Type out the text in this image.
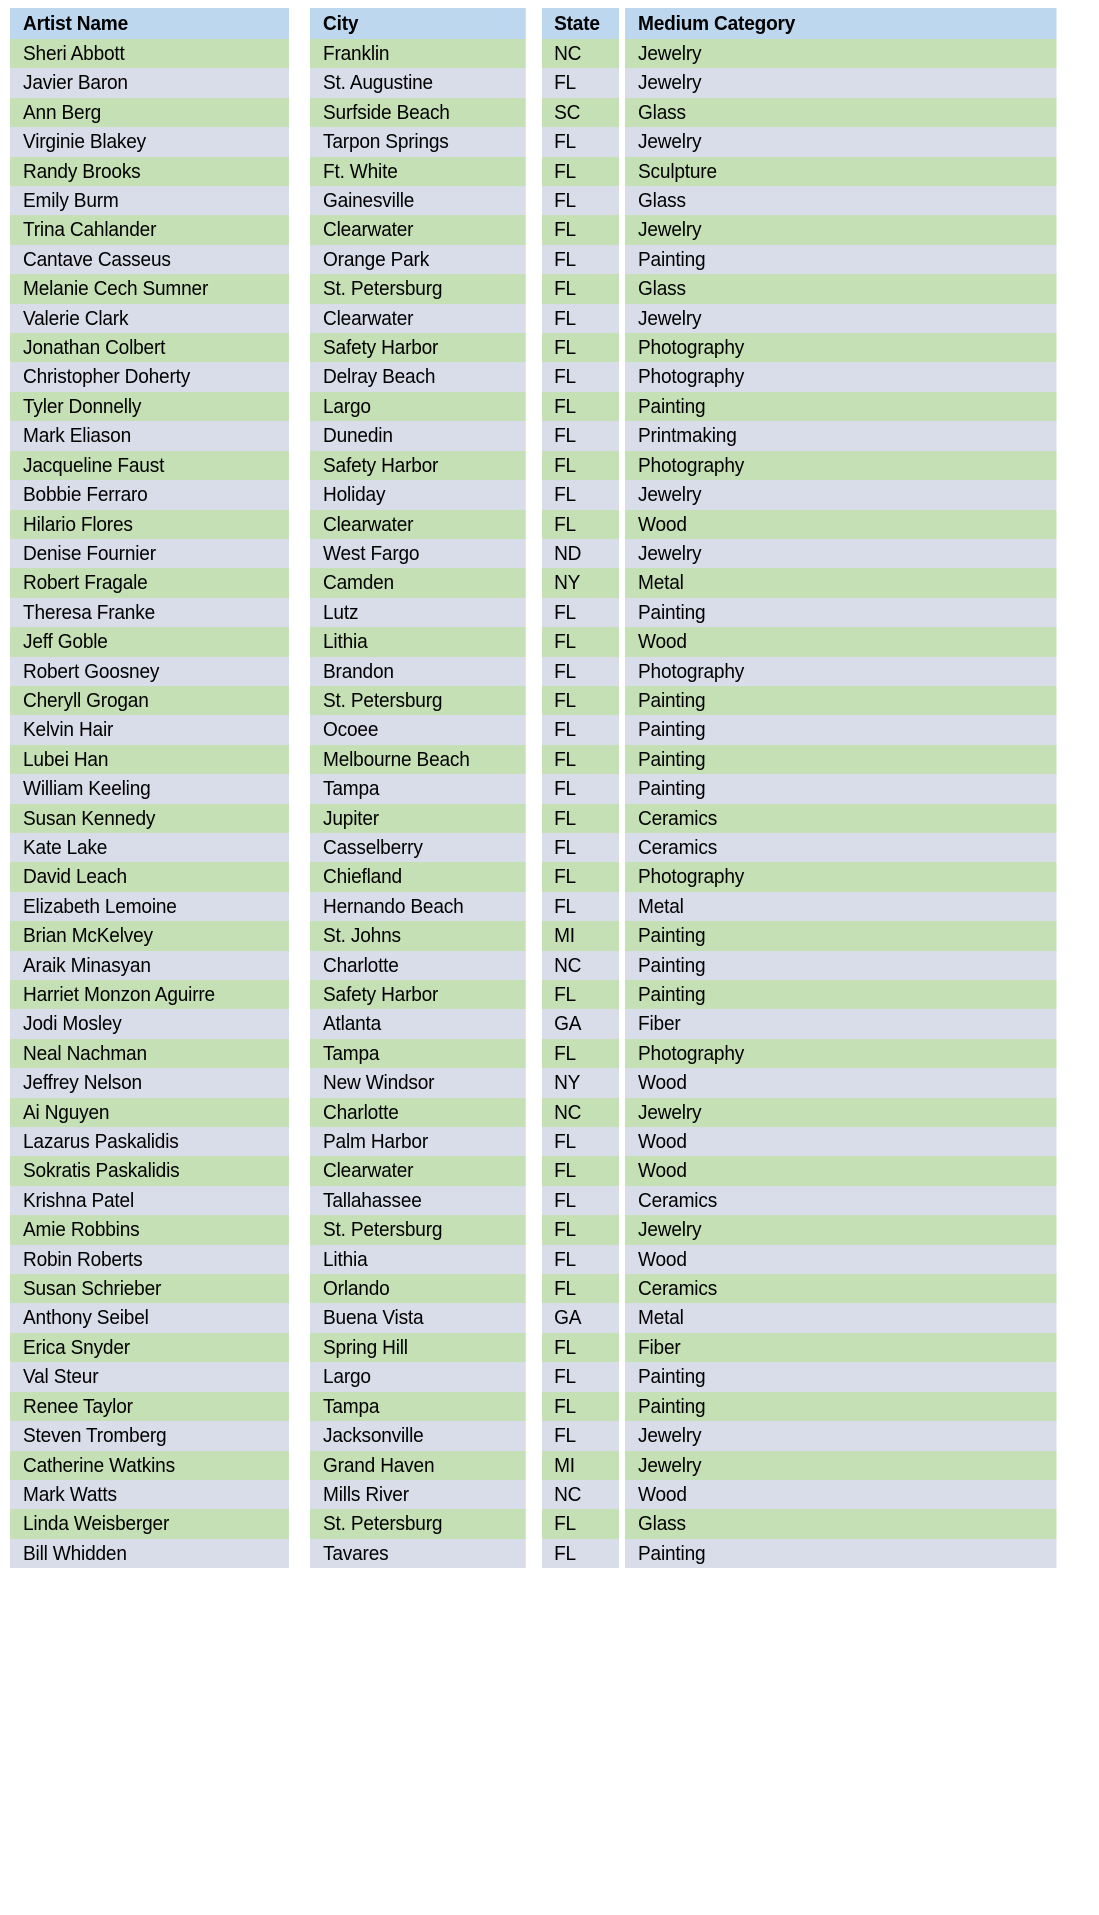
Artist Name	City	State	Medium Category
Sheri Abbott	Franklin	NC	Jewelry
Javier Baron	St. Augustine	FL	Jewelry
Ann Berg	Surfside Beach	SC	Glass
Virginie Blakey	Tarpon Springs	FL	Jewelry
Randy Brooks	Ft. White	FL	Sculpture
Emily Burm	Gainesville	FL	Glass
Trina Cahlander	Clearwater	FL	Jewelry
Cantave Casseus	Orange Park	FL	Painting
Melanie Cech Sumner	St. Petersburg	FL	Glass
Valerie Clark	Clearwater	FL	Jewelry
Jonathan Colbert	Safety Harbor	FL	Photography
Christopher Doherty	Delray Beach	FL	Photography
Tyler Donnelly	Largo	FL	Painting
Mark Eliason	Dunedin	FL	Printmaking
Jacqueline Faust	Safety Harbor	FL	Photography
Bobbie Ferraro	Holiday	FL	Jewelry
Hilario Flores	Clearwater	FL	Wood
Denise Fournier	West Fargo	ND	Jewelry
Robert Fragale	Camden	NY	Metal
Theresa Franke	Lutz	FL	Painting
Jeff Goble	Lithia	FL	Wood
Robert Goosney	Brandon	FL	Photography
Cheryll Grogan	St. Petersburg	FL	Painting
Kelvin Hair	Ocoee	FL	Painting
Lubei Han	Melbourne Beach	FL	Painting
William Keeling	Tampa	FL	Painting
Susan Kennedy	Jupiter	FL	Ceramics
Kate Lake	Casselberry	FL	Ceramics
David Leach	Chiefland	FL	Photography
Elizabeth Lemoine	Hernando Beach	FL	Metal
Brian McKelvey	St. Johns	MI	Painting
Araik Minasyan	Charlotte	NC	Painting
Harriet Monzon Aguirre	Safety Harbor	FL	Painting
Jodi Mosley	Atlanta	GA	Fiber
Neal Nachman	Tampa	FL	Photography
Jeffrey Nelson	New Windsor	NY	Wood
Ai Nguyen	Charlotte	NC	Jewelry
Lazarus Paskalidis	Palm Harbor	FL	Wood
Sokratis Paskalidis	Clearwater	FL	Wood
Krishna Patel	Tallahassee	FL	Ceramics
Amie Robbins	St. Petersburg	FL	Jewelry
Robin Roberts	Lithia	FL	Wood
Susan Schrieber	Orlando	FL	Ceramics
Anthony Seibel	Buena Vista	GA	Metal
Erica Snyder	Spring Hill	FL	Fiber
Val Steur	Largo	FL	Painting
Renee Taylor	Tampa	FL	Painting
Steven Tromberg	Jacksonville	FL	Jewelry
Catherine Watkins	Grand Haven	MI	Jewelry
Mark Watts	Mills River	NC	Wood
Linda Weisberger	St. Petersburg	FL	Glass
Bill Whidden	Tavares	FL	Painting
